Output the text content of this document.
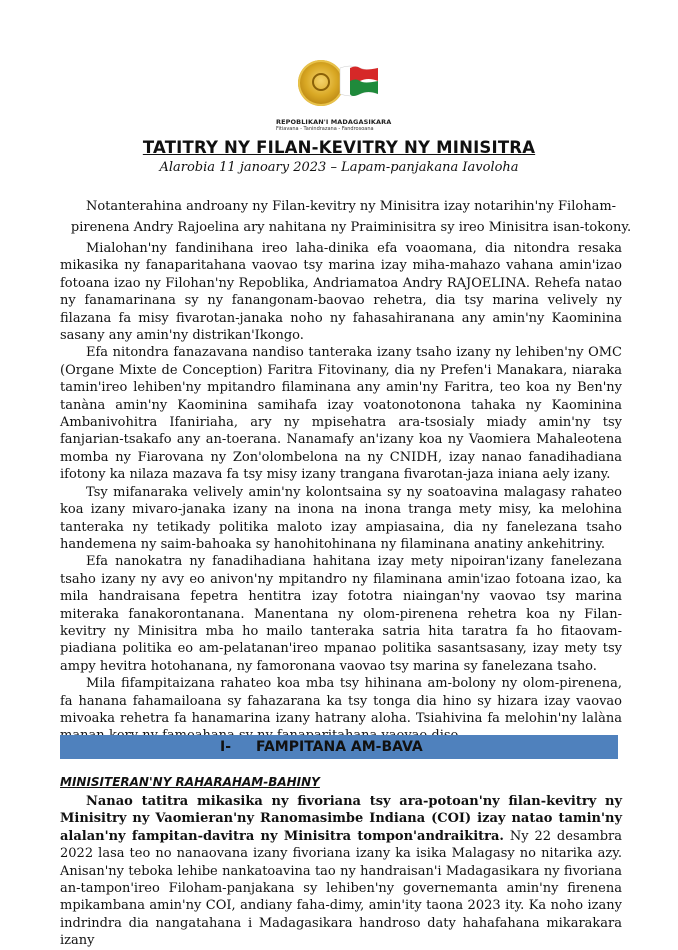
REPOBLIKAN'I MADAGASIKARA
Fitiavana - Tanindrazana - Fandrosoana
TATITRY NY FILAN-KEVITRY NY MINISITRA
Alarobia 11 janoary 2023 – Lapam-panjakana Iavoloha
Notanterahina androany ny Filan-kevitry ny Minisitra izay notarihin'ny Filoham-pirenena Andry Rajoelina ary nahitana ny Praiminisitra sy ireo Minisitra isan-tokony.

Mialohan'ny fandinihana ireo laha-dinika efa voaomana, dia nitondra resaka mikasika ny fanaparitahana vaovao tsy marina izay miha-mahazo vahana amin'izao fotoana izao ny Filohan'ny Repoblika, Andriamatoa Andry RAJOELINA. Rehefa natao ny fanamarinana sy ny fanangonam-baovao rehetra, dia tsy marina velively ny filazana fa misy fivarotan-janaka noho ny fahasahiranana any amin'ny Kaominina sasany any amin'ny distrikan'Ikongo.

Efa nitondra fanazavana nandiso tanteraka izany tsaho izany ny lehiben'ny OMC (Organe Mixte de Conception) Faritra Fitovinany, dia ny Prefen'i Manakara, niaraka tamin'ireo lehiben'ny mpitandro filaminana any amin'ny Faritra, teo koa ny Ben'ny tanàna amin'ny Kaominina samihafa izay voatonotonona tahaka ny Kaominina Ambanivohitra Ifaniriaha, ary ny mpisehatra ara-tsosialy miady amin'ny tsy fanjarian-tsakafo any an-toerana. Nanamafy an'izany koa ny Vaomiera Mahaleotena momba ny Fiarovana ny Zon'olombelona na ny CNIDH, izay nanao fanadihadiana ifotony ka nilaza mazava fa tsy misy izany trangana fivarotan-jaza iniana aely izany.

Tsy mifanaraka velively amin'ny kolontsaina sy ny soatoavina malagasy rahateo koa izany mivaro-janaka izany na inona na inona tranga mety misy, ka melohina tanteraka ny tetikady politika maloto izay ampiasaina, dia ny fanelezana tsaho handemena ny saim-bahoaka sy hanohitohinana ny filaminana anatiny ankehitriny.

Efa nanokatra ny fanadihadiana hahitana izay mety nipoiran'izany fanelezana tsaho izany ny avy eo anivon'ny mpitandro ny filaminana amin'izao fotoana izao, ka mila handraisana fepetra hentitra izay fototra niaingan'ny vaovao tsy marina miteraka fanakorontanana. Manentana ny olom-pirenena rehetra koa ny Filan-kevitry ny Minisitra mba ho mailo tanteraka satria hita taratra fa ho fitaovam-piadiana politika eo am-pelatanan'ireo mpanao politika sasantsasany, izay mety tsy ampy hevitra hotohanana, ny famoronana vaovao tsy marina sy fanelezana tsaho.

Mila fifampitaizana rahateo koa mba tsy hihinana am-bolony ny olom-pirenena, fa hanana fahamailoana sy fahazarana ka tsy tonga dia hino sy hizara izay vaovao mivoaka rehetra fa hanamarina izany hatrany aloha. Tsiahivina fa melohin'ny lalàna

I- FAMPITANA AM-BAVA
MINISITERAN'NY RAHARAHAM-BAHINY

Nanao tatitra mikasika ny fivoriana tsy ara-potoan'ny filan-kevitry ny Minisitry ny Vaomieran'ny Ranomasimbe Indiana (COI) izay natao tamin'ny alalan'ny fampitan-davitra ny Minisitra tompon'andraikitra. Ny 22 desambra 2022 lasa teo no nanaovana izany fivoriana izany ka isika Malagasy no nitarika azy. Anisan'ny teboka lehibe nankatoavina tao ny handraisan'i Madagasikara ny fivoriana an-tampon'ireo Filoham-panjakana sy lehiben'ny governemanta amin'ny firenena mpikambana amin'ny COI, andiany faha-dimy, amin'ity taona 2023 ity. Ka noho izany indrindra dia nangatahana i Madagasikara handroso daty hahafahana mikarakara izany
